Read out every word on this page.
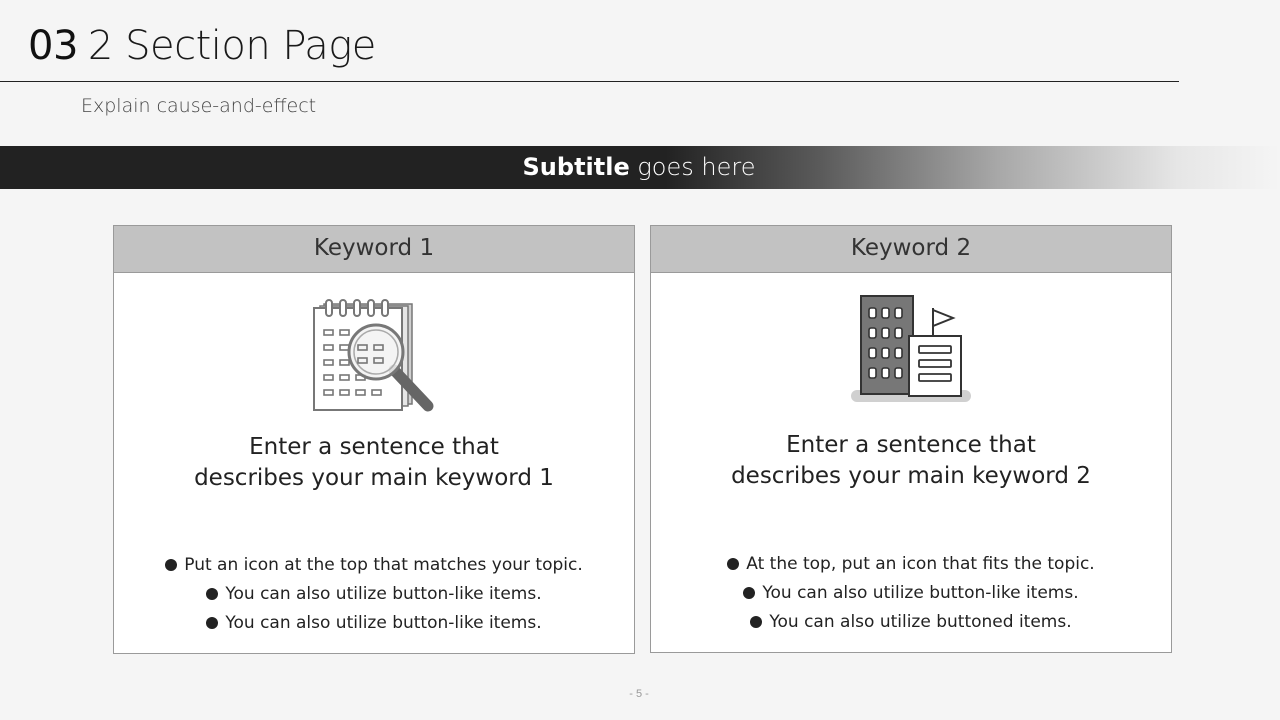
03 2 Section Page
Explain cause-and-effect
Subtitle goes here
Keyword 1
Enter a sentence that
describes your main keyword 1
Put an icon at the top that matches your topic.
You can also utilize button-like items.
You can also utilize button-like items.
Keyword 2
Enter a sentence that
describes your main keyword 2
At the top, put an icon that fits the topic.
You can also utilize button-like items.
You can also utilize buttoned items.
- 5 -
